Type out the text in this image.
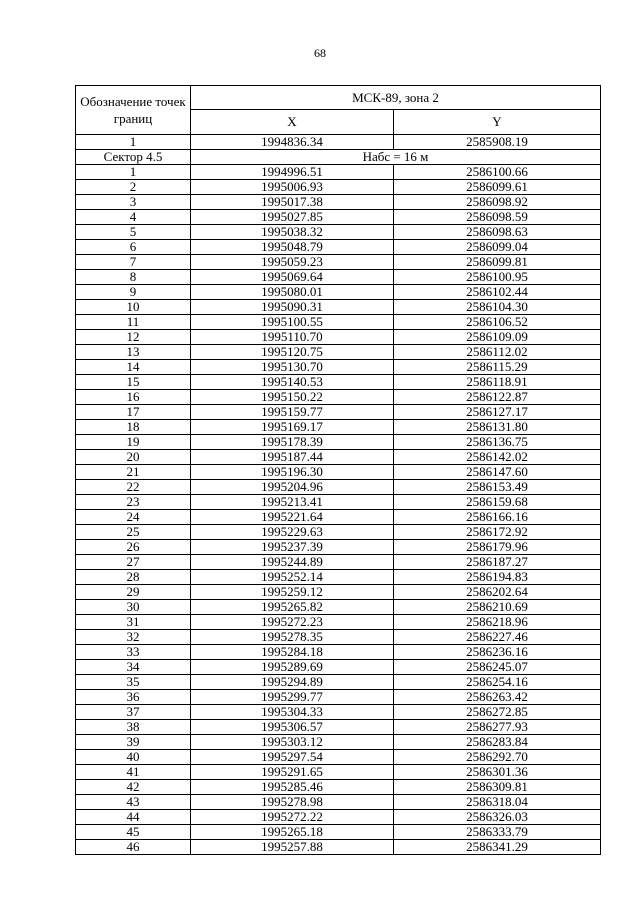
68
Обозначение точек границ	МСК-89, зона 2	
	X	Y
1	1994836.34	2585908.19
Сектор 4.5	Набс = 16 м	
1	1994996.51	2586100.66
2	1995006.93	2586099.61
3	1995017.38	2586098.92
4	1995027.85	2586098.59
5	1995038.32	2586098.63
6	1995048.79	2586099.04
7	1995059.23	2586099.81
8	1995069.64	2586100.95
9	1995080.01	2586102.44
10	1995090.31	2586104.30
11	1995100.55	2586106.52
12	1995110.70	2586109.09
13	1995120.75	2586112.02
14	1995130.70	2586115.29
15	1995140.53	2586118.91
16	1995150.22	2586122.87
17	1995159.77	2586127.17
18	1995169.17	2586131.80
19	1995178.39	2586136.75
20	1995187.44	2586142.02
21	1995196.30	2586147.60
22	1995204.96	2586153.49
23	1995213.41	2586159.68
24	1995221.64	2586166.16
25	1995229.63	2586172.92
26	1995237.39	2586179.96
27	1995244.89	2586187.27
28	1995252.14	2586194.83
29	1995259.12	2586202.64
30	1995265.82	2586210.69
31	1995272.23	2586218.96
32	1995278.35	2586227.46
33	1995284.18	2586236.16
34	1995289.69	2586245.07
35	1995294.89	2586254.16
36	1995299.77	2586263.42
37	1995304.33	2586272.85
38	1995306.57	2586277.93
39	1995303.12	2586283.84
40	1995297.54	2586292.70
41	1995291.65	2586301.36
42	1995285.46	2586309.81
43	1995278.98	2586318.04
44	1995272.22	2586326.03
45	1995265.18	2586333.79
46	1995257.88	2586341.29
